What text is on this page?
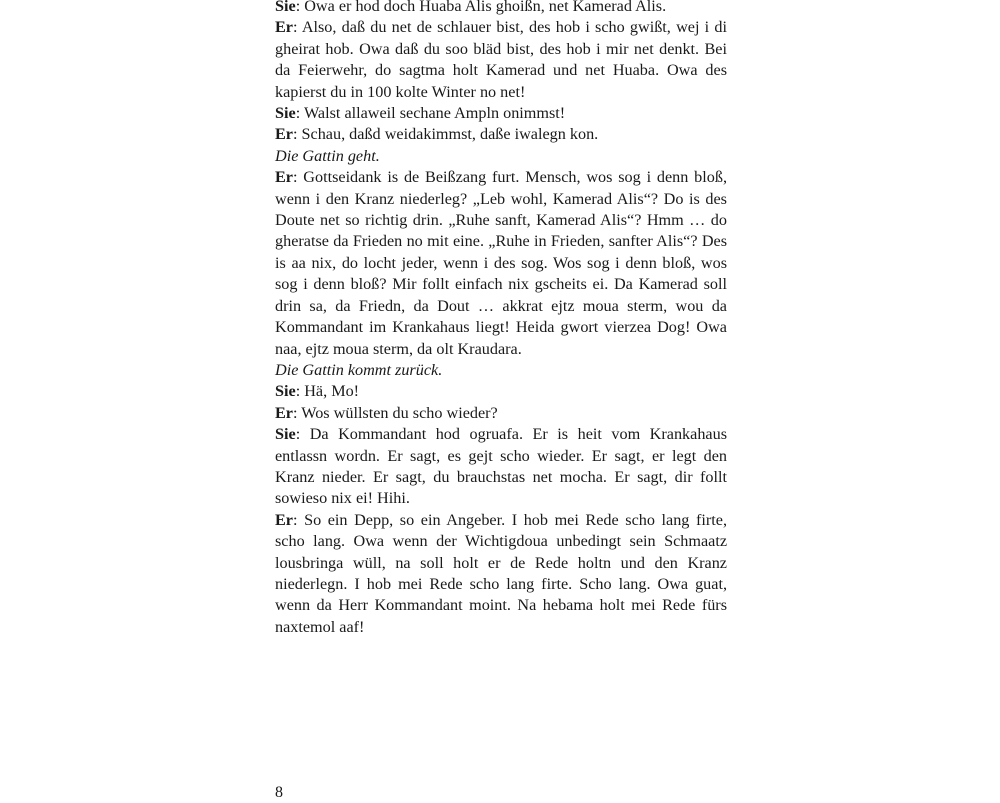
Sie: Owa er hod doch Huaba Alis ghoißn, net Kamerad Alis.

Er: Also, daß du net de schlauer bist, des hob i scho gwißt, wej i di gheirat hob. Owa daß du soo bläd bist, des hob i mir net denkt. Bei da Feierwehr, do sagtma holt Kamerad und net Huaba. Owa des kapierst du in 100 kolte Winter no net!

Sie: Walst allaweil sechane Ampln onimmst!

Er: Schau, daßd weidakimmst, daße iwalegn kon.

Die Gattin geht.

Er: Gottseidank is de Beißzang furt. Mensch, wos sog i denn bloß, wenn i den Kranz niederleg? „Leb wohl, Kamerad Alis“? Do is des Doute net so richtig drin. „Ruhe sanft, Kamerad Alis“? Hmm … do gheratse da Frieden no mit eine. „Ruhe in Frieden, sanfter Alis“? Des is aa nix, do locht jeder, wenn i des sog. Wos sog i denn bloß, wos sog i denn bloß? Mir follt einfach nix gscheits ei. Da Kamerad soll drin sa, da Friedn, da Dout … akkrat ejtz moua sterm, wou da Kommandant im Krankahaus liegt! Heida gwort vierzea Dog! Owa naa, ejtz moua sterm, da olt Kraudara.

Die Gattin kommt zurück.

Sie: Hä, Mo!

Er: Wos wüllsten du scho wieder?

Sie: Da Kommandant hod ogruafa. Er is heit vom Krankahaus entlassn wordn. Er sagt, es gejt scho wieder. Er sagt, er legt den Kranz nieder. Er sagt, du brauchstas net mocha. Er sagt, dir follt sowieso nix ei! Hihi.

Er: So ein Depp, so ein Angeber. I hob mei Rede scho lang firte, scho lang. Owa wenn der Wichtigdoua unbedingt sein Schmaatz lousbringa wüll, na soll holt er de Rede holtn und den Kranz niederlegn. I hob mei Rede scho lang firte. Scho lang. Owa guat, wenn da Herr Kommandant moint. Na hebama holt mei Rede fürs naxtemol aaf!

8
